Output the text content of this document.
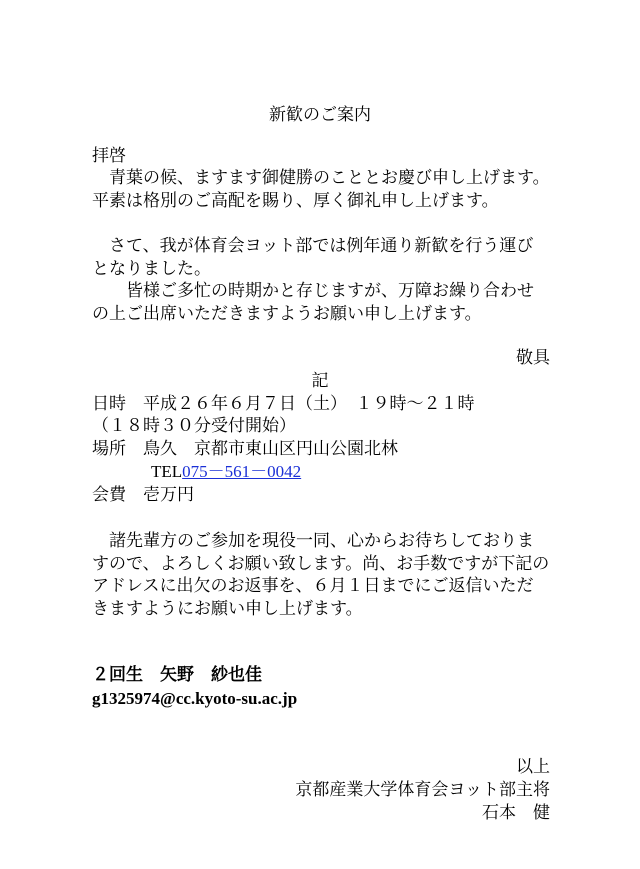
新歓のご案内
拝啓
　青葉の候、ますます御健勝のこととお慶び申し上げます。平素は格別のご高配を賜り、厚く御礼申し上げます。
　さて、我が体育会ヨット部では例年通り新歓を行う運びとなりました。
　　皆様ご多忙の時期かと存じますが、万障お繰り合わせの上ご出席いただきますようお願い申し上げます。
敬具
記
日時　 平成２６年６月７日（土）　１９時～２１時
（１８時３０分受付開始）
場所　 鳥久　京都市東山区円山公園北林
TEL075－561－0042
会費　 壱万円
　諸先輩方のご参加を現役一同、心からお待ちしております​ので、よろしくお願い致します。尚、お手数ですが下記のアドレスに出欠のお返事を、６月１日までにご返信いただきますようにお願い申し上げます。
２回生　矢野　紗也佳
g1325974@cc.kyoto-su.ac.jp
以上
京都産業大学体育会ヨット部主将
石本　健
